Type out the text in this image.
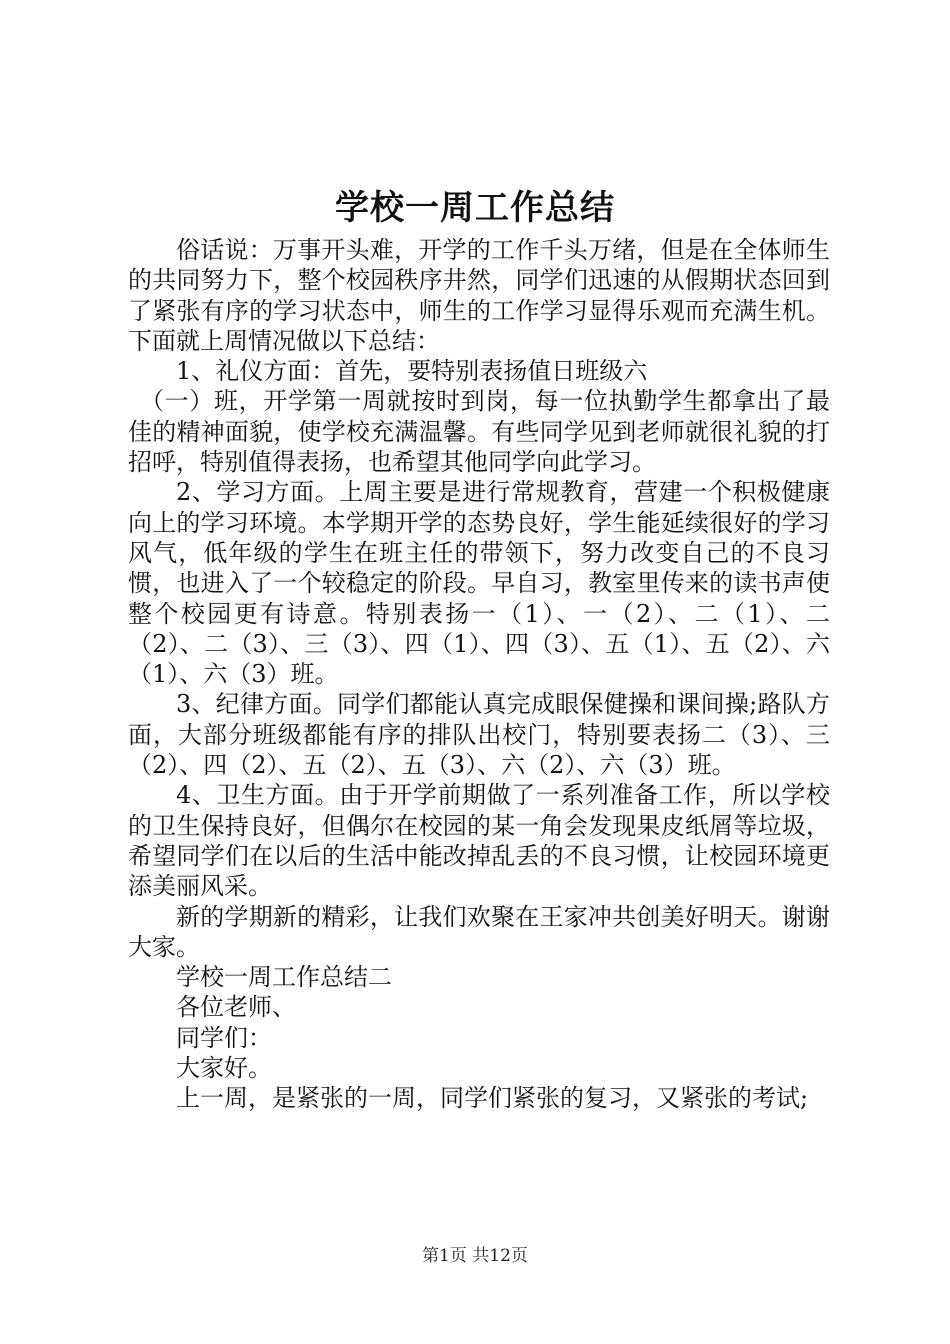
学校一周工作总结

俗话说：万事开头难，开学的工作千头万绪，但是在全体师生的共同努力下，整个校园秩序井然，同学们迅速的从假期状态回到了紧张有序的学习状态中，师生的工作学习显得乐观而充满生机。下面就上周情况做以下总结：

1、礼仪方面：首先，要特别表扬值日班级六

（一）班，开学第一周就按时到岗，每一位执勤学生都拿出了最佳的精神面貌，使学校充满温馨。有些同学见到老师就很礼貌的打招呼，特别值得表扬，也希望其他同学向此学习。

2、学习方面。上周主要是进行常规教育，营建一个积极健康向上的学习环境。本学期开学的态势良好，学生能延续很好的学习风气，低年级的学生在班主任的带领下，努力改变自己的不良习惯，也进入了一个较稳定的阶段。早自习，教室里传来的读书声使整个校园更有诗意。特别表扬一（1）、一（2）、二（1）、二（2）、二（3）、三（3）、四（1）、四（3）、五（1）、五（2）、六（1）、六（3）班。

3、纪律方面。同学们都能认真完成眼保健操和课间操;路队方面，大部分班级都能有序的排队出校门，特别要表扬二（3）、三（2）、四（2）、五（2）、五（3）、六（2）、六（3）班。

4、卫生方面。由于开学前期做了一系列准备工作，所以学校的卫生保持良好，但偶尔在校园的某一角会发现果皮纸屑等垃圾，希望同学们在以后的生活中能改掉乱丢的不良习惯，让校园环境更添美丽风采。

新的学期新的精彩，让我们欢聚在王家冲共创美好明天。谢谢大家。

学校一周工作总结二

各位老师、

同学们：

大家好。

上一周，是紧张的一周，同学们紧张的复习，又紧张的考试;

第1页 共12页
